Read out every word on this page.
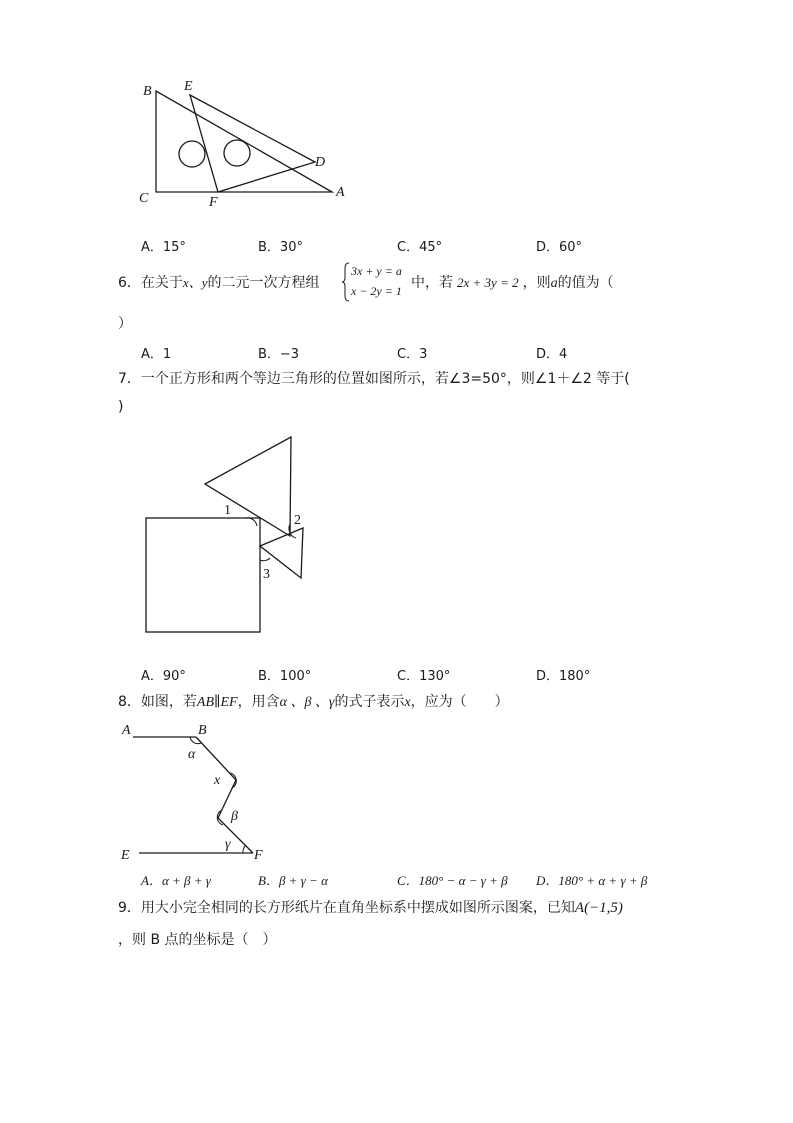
B E
D
C	F
A
A．15°	B．30°	C．45°	D．60°
6．在关于x、y的二元一次方程组
3x + y = a
x − 2y = 1 中，若 2x + 3y = 2 ，则a的值为（
）
A．1	B．−3	C．3	D．4
7．一个正方形和两个等边三角形的位置如图所示，若∠3=50°，则∠1＋∠2 等于(
)
1
2
3
A．90°	B．100°	C．130°	D．180°
8．如图，若AB∥EF，用含α 、β 、γ的式子表示x，应为（　　）
A	B
E	F
α
x
β
γ
A．α + β + γ	B．β + γ − α	C．180° − α − γ + β D．180° + α + γ + β
9．用大小完全相同的长方形纸片在直角坐标系中摆成如图所示图案，已知A(−1,5)
，则 B 点的坐标是（　）
